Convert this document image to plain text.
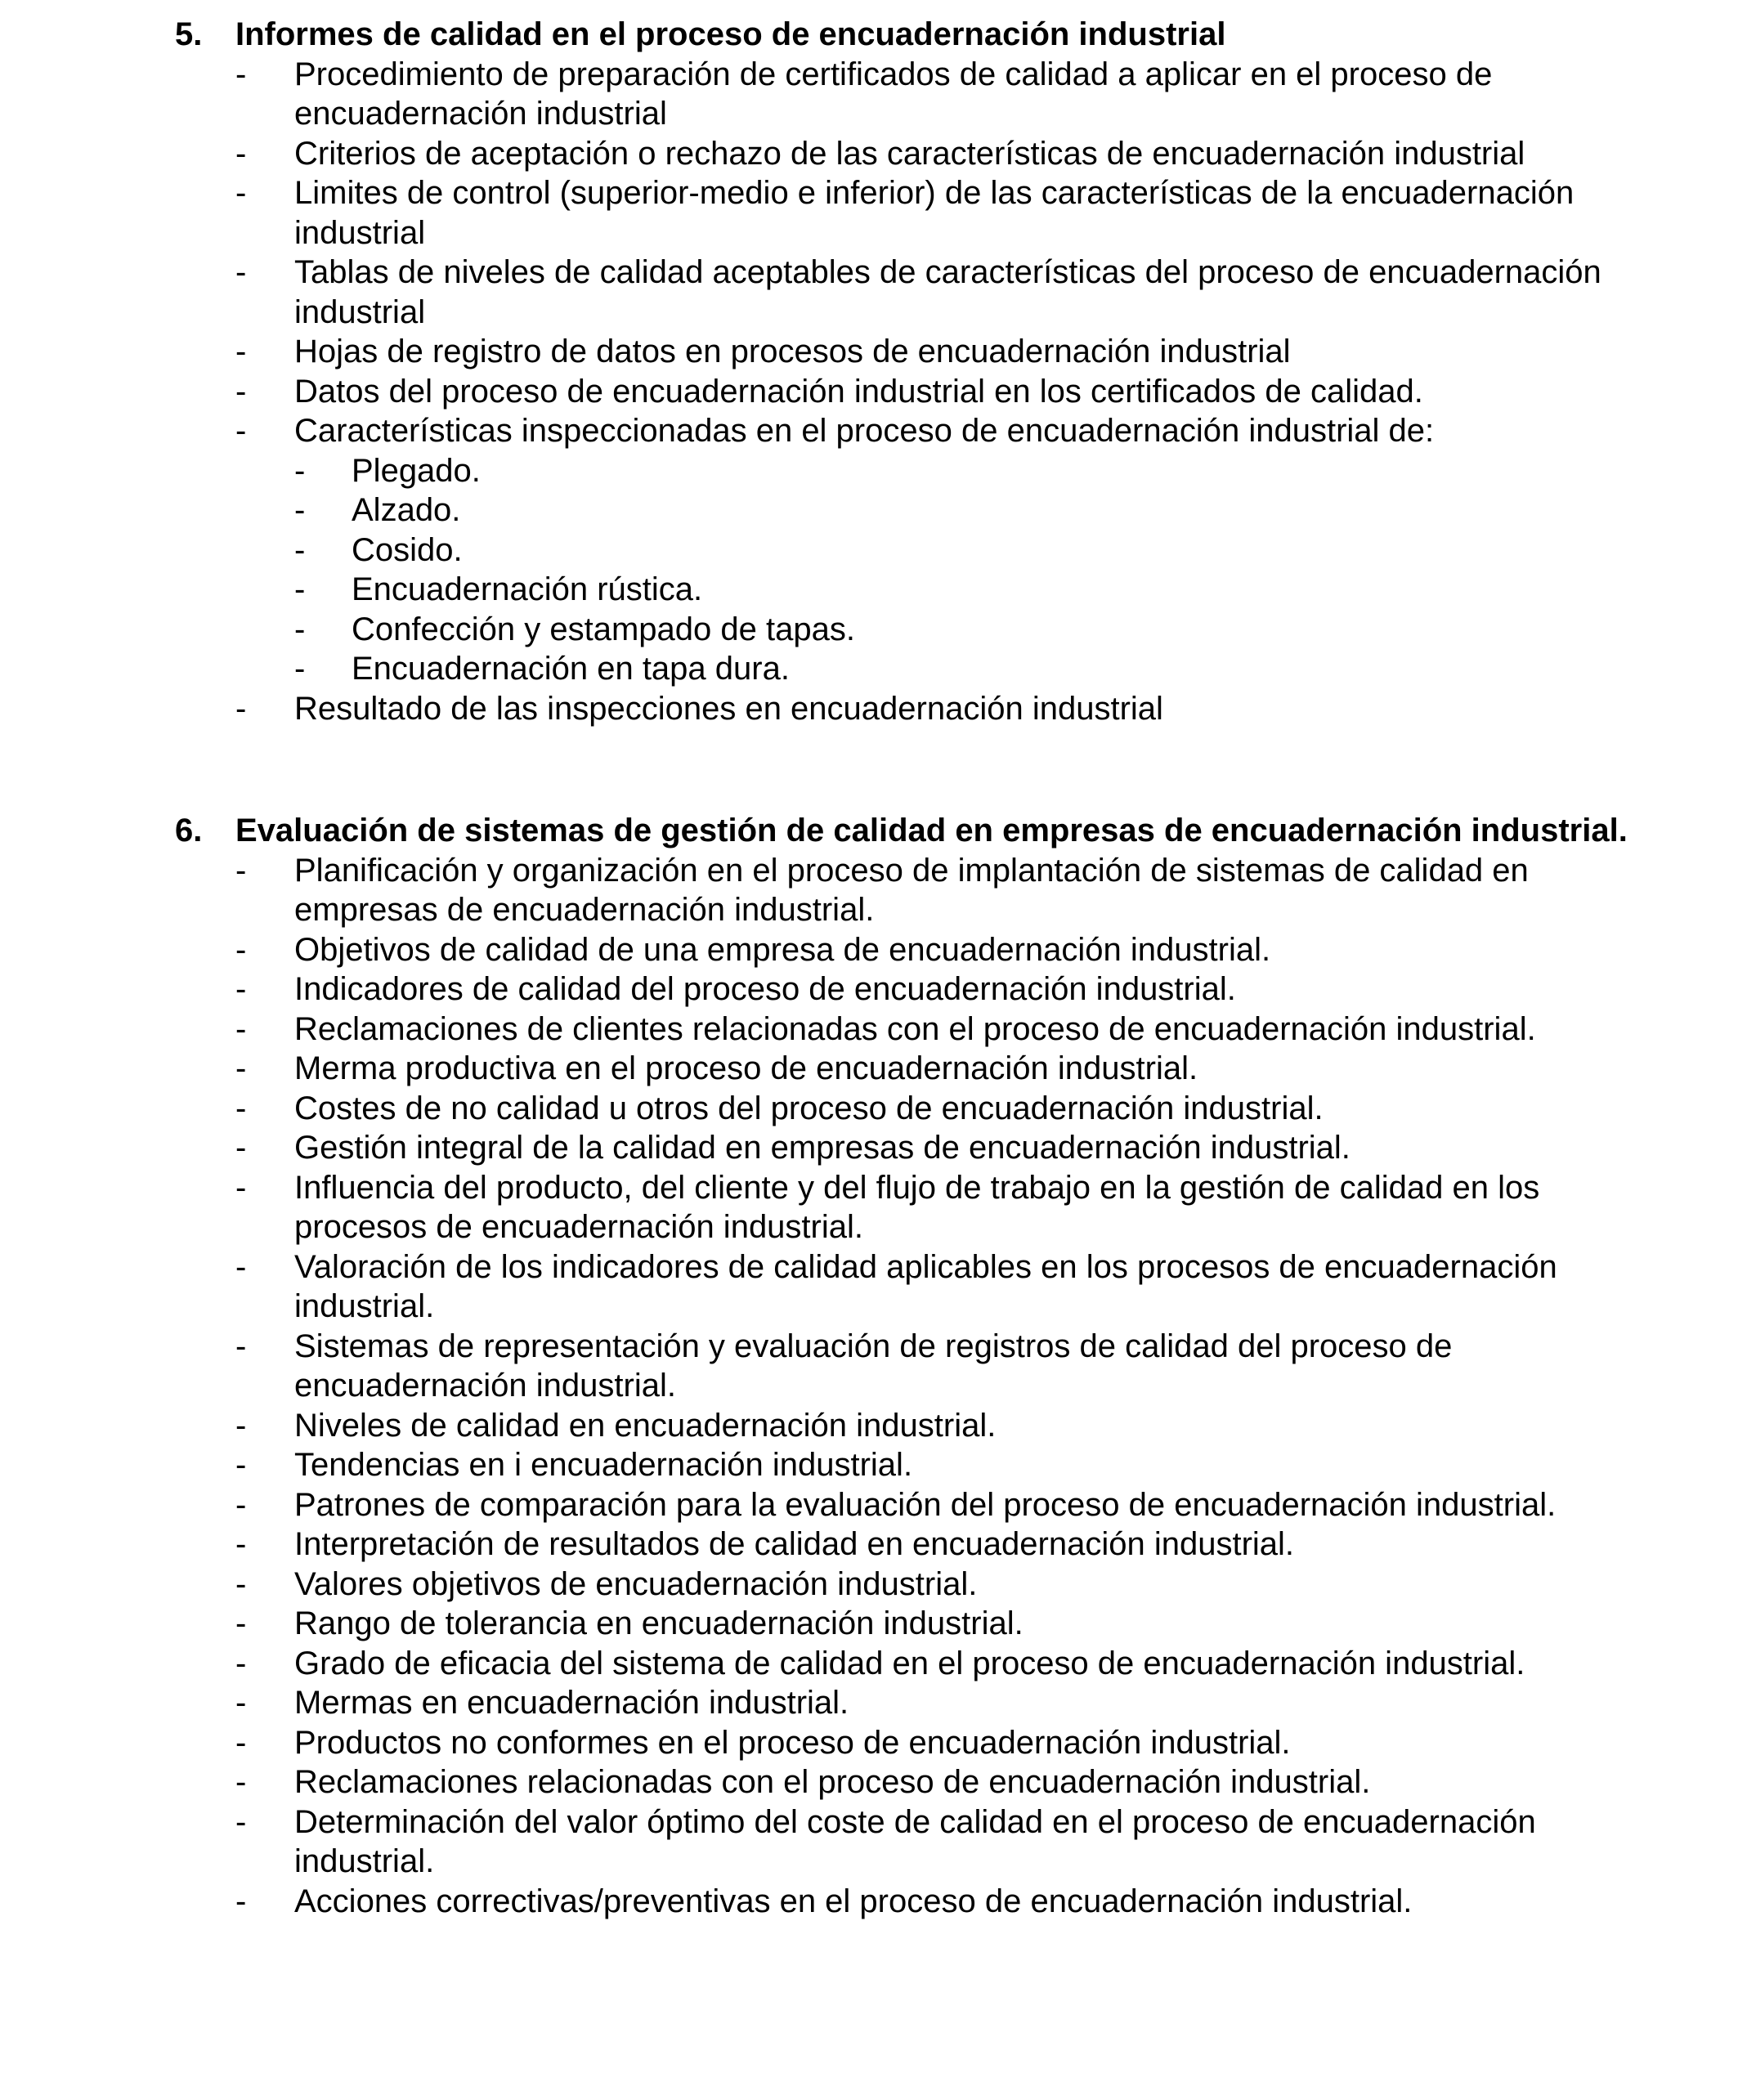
5. Informes de calidad en el proceso de encuadernación industrial
- Procedimiento de preparación de certificados de calidad a aplicar en el proceso de encuadernación industrial
- Criterios de aceptación o rechazo de las características de encuadernación industrial
- Limites de control (superior-medio e inferior) de las características de la encuadernación industrial
- Tablas de niveles de calidad aceptables de características del proceso de encuadernación industrial
- Hojas de registro de datos en procesos de encuadernación industrial
- Datos del proceso de encuadernación industrial en los certificados de calidad.
-	Características inspeccionadas en el proceso de encuadernación industrial de:
- Plegado.
- Alzado.
- Cosido.
- Encuadernación rústica.
- Confección y estampado de tapas.
- Encuadernación en tapa dura.
- Resultado de las inspecciones en encuadernación industrial
6. Evaluación de sistemas de gestión de calidad en empresas de encuadernación industrial.
- Planificación y organización en el proceso de implantación de sistemas de calidad en empresas de encuadernación industrial.
- Objetivos de calidad de una empresa de encuadernación industrial.
- Indicadores de calidad del proceso de encuadernación industrial.
- Reclamaciones de clientes relacionadas con el proceso de encuadernación industrial.
- Merma productiva en el proceso de encuadernación industrial.
- Costes de no calidad u otros del proceso de encuadernación industrial.
- Gestión integral de la calidad en empresas de encuadernación industrial.
- Influencia del producto, del cliente y del flujo de trabajo en la gestión de calidad en los procesos de encuadernación industrial.
- Valoración de los indicadores de calidad aplicables en los procesos de encuadernación industrial.
- Sistemas de representación y evaluación de registros de calidad del proceso de encuadernación industrial.
- Niveles de calidad en encuadernación industrial.
- Tendencias en i encuadernación industrial.
- Patrones de comparación para la evaluación del proceso de encuadernación industrial.
- Interpretación de resultados de calidad en encuadernación industrial.
- Valores objetivos de encuadernación industrial.
- Rango de tolerancia en encuadernación industrial.
- Grado de eficacia del sistema de calidad en el proceso de encuadernación industrial.
- Mermas en encuadernación industrial.
- Productos no conformes en el proceso de encuadernación industrial.
- Reclamaciones relacionadas con el proceso de encuadernación industrial.
- Determinación del valor óptimo del coste de calidad en el proceso de encuadernación industrial.
- Acciones correctivas/preventivas en el proceso de encuadernación industrial.
